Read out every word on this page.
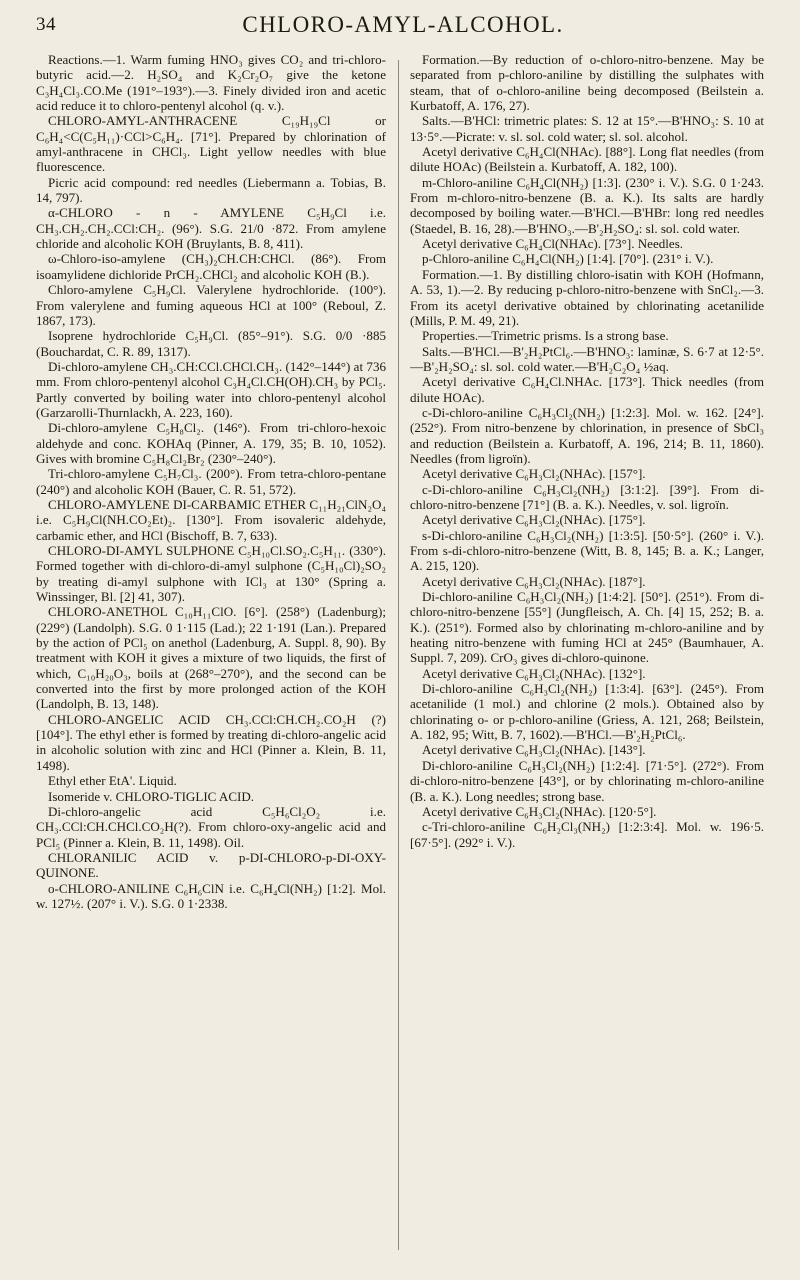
34	CHLORO-AMYL-ALCOHOL.

Reactions.—1. Warm fuming HNO₃ gives CO₂ and tri-chloro-butyric acid.—2. H₂SO₄ and K₂Cr₂O₇ give the ketone C₃H₄Cl₃.CO.Me (191°–193°).—3. Finely divided iron and acetic acid reduce it to chloro-pentenyl alcohol (q. v.).

CHLORO-AMYL-ANTHRACENE C₁₉H₁₉Cl or C₆H₄<C(C₅H₁₁)·CCl>C₆H₄. [71°]. Prepared by chlorination of amyl-anthracene in CHCl₃. Light yellow needles with blue fluorescence.

Picric acid compound: red needles (Liebermann a. Tobias, B. 14, 797).

α-CHLORO - n - AMYLENE C₅H₉Cl i.e. CH₃.CH₂.CH₂.CCl:CH₂. (96°). S.G. 21/0 ·872. From amylene chloride and alcoholic KOH (Bruylants, B. 8, 411).

ω-Chloro-iso-amylene (CH₃)₂CH.CH:CHCl. (86°). From isoamylidene dichloride PrCH₂.CHCl₂ and alcoholic KOH (B.).

Chloro-amylene C₅H₉Cl. Valerylene hydrochloride. (100°). From valerylene and fuming aqueous HCl at 100° (Reboul, Z. 1867, 173).

Isoprene hydrochloride C₅H₉Cl. (85°–91°). S.G. 0/0 ·885 (Bouchardat, C. R. 89, 1317).

Di-chloro-amylene CH₃.CH:CCl.CHCl.CH₃. (142°–144°) at 736 mm. From chloro-pentenyl alcohol C₃H₄Cl.CH(OH).CH₃ by PCl₅. Partly converted by boiling water into chloro-pentenyl alcohol (Garzarolli-Thurnlackh, A. 223, 160).

Di-chloro-amylene C₅H₈Cl₂. (146°). From tri-chloro-hexoic aldehyde and conc. KOHAq (Pinner, A. 179, 35; B. 10, 1052). Gives with bromine C₅H₈Cl₂Br₂ (230°–240°).

Tri-chloro-amylene C₅H₇Cl₃. (200°). From tetra-chloro-pentane (240°) and alcoholic KOH (Bauer, C. R. 51, 572).

CHLORO-AMYLENE DI-CARBAMIC ETHER C₁₁H₂₁ClN₂O₄ i.e. C₅H₉Cl(NH.CO₂Et)₂. [130°]. From isovaleric aldehyde, carbamic ether, and HCl (Bischoff, B. 7, 633).

CHLORO-DI-AMYL SULPHONE C₅H₁₀Cl.SO₂.C₅H₁₁. (330°). Formed together with di-chloro-di-amyl sulphone (C₅H₁₀Cl)₂SO₂ by treating di-amyl sulphone with ICl₃ at 130° (Spring a. Winssinger, Bl. [2] 41, 307).

CHLORO-ANETHOL C₁₀H₁₁ClO. [6°]. (258°) (Ladenburg); (229°) (Landolph). S.G. 0 1·115 (Lad.); 22 1·191 (Lan.). Prepared by the action of PCl₅ on anethol (Ladenburg, A. Suppl. 8, 90). By treatment with KOH it gives a mixture of two liquids, the first of which, C₁₀H₂₀O₃, boils at (268°–270°), and the second can be converted into the first by more prolonged action of the KOH (Landolph, B. 13, 148).

CHLORO-ANGELIC ACID CH₃.CCl:CH.CH₂.CO₂H (?) [104°]. The ethyl ether is formed by treating di-chloro-angelic acid in alcoholic solution with zinc and HCl (Pinner a. Klein, B. 11, 1498).

Ethyl ether EtA'. Liquid.

Isomeride v. CHLORO-TIGLIC ACID.

Di-chloro-angelic acid C₅H₆Cl₂O₂ i.e. CH₃.CCl:CH.CHCl.CO₂H(?). From chloro-oxy-angelic acid and PCl₅ (Pinner a. Klein, B. 11, 1498). Oil.

CHLORANILIC ACID v. p-DI-CHLORO-p-DI-OXY-QUINONE.

o-CHLORO-ANILINE C₆H₆ClN i.e. C₆H₄Cl(NH₂) [1:2]. Mol. w. 127½. (207° i. V.). S.G. 0 1·2338.

Formation.—By reduction of o-chloro-nitro-benzene. May be separated from p-chloro-aniline by distilling the sulphates with steam, that of o-chloro-aniline being decomposed (Beilstein a. Kurbatoff, A. 176, 27).

Salts.—B'HCl: trimetric plates: S. 12 at 15°.—B'HNO₃: S. 10 at 13·5°.—Picrate: v. sl. sol. cold water; sl. sol. alcohol.

Acetyl derivative C₆H₄Cl(NHAc). [88°]. Long flat needles (from dilute HOAc) (Beilstein a. Kurbatoff, A. 182, 100).

m-Chloro-aniline C₆H₄Cl(NH₂) [1:3]. (230° i. V.). S.G. 0 1·243. From m-chloro-nitro-benzene (B. a. K.). Its salts are hardly decomposed by boiling water.—B'HCl.—B'HBr: long red needles (Staedel, B. 16, 28).—B'HNO₃.—B'₂H₂SO₄: sl. sol. cold water.

Acetyl derivative C₆H₄Cl(NHAc). [73°]. Needles.

p-Chloro-aniline C₆H₄Cl(NH₂) [1:4]. [70°]. (231° i. V.).

Formation.—1. By distilling chloro-isatin with KOH (Hofmann, A. 53, 1).—2. By reducing p-chloro-nitro-benzene with SnCl₂.—3. From its acetyl derivative obtained by chlorinating acetanilide (Mills, P. M. 49, 21).

Properties.—Trimetric prisms. Is a strong base.

Salts.—B'HCl.—B'₂H₂PtCl₆.—B'HNO₃: laminæ, S. 6·7 at 12·5°.—B'₂H₂SO₄: sl. sol. cold water.—B'H₂C₂O₄ ½aq.

Acetyl derivative C₆H₄Cl.NHAc. [173°]. Thick needles (from dilute HOAc).

c-Di-chloro-aniline C₆H₃Cl₂(NH₂) [1:2:3]. Mol. w. 162. [24°]. (252°). From nitro-benzene by chlorination, in presence of SbCl₃ and reduction (Beilstein a. Kurbatoff, A. 196, 214; B. 11, 1860). Needles (from ligroïn).

Acetyl derivative C₆H₃Cl₂(NHAc). [157°].

c-Di-chloro-aniline C₆H₃Cl₂(NH₂) [3:1:2]. [39°]. From di-chloro-nitro-benzene [71°] (B. a. K.). Needles, v. sol. ligroïn.

Acetyl derivative C₆H₃Cl₂(NHAc). [175°].

s-Di-chloro-aniline C₆H₃Cl₂(NH₂) [1:3:5]. [50·5°]. (260° i. V.). From s-di-chloro-nitro-benzene (Witt, B. 8, 145; B. a. K.; Langer, A. 215, 120).

Acetyl derivative C₆H₃Cl₂(NHAc). [187°].

Di-chloro-aniline C₆H₃Cl₂(NH₂) [1:4:2]. [50°]. (251°). From di-chloro-nitro-benzene [55°] (Jungfleisch, A. Ch. [4] 15, 252; B. a. K.). (251°). Formed also by chlorinating m-chloro-aniline and by heating nitro-benzene with fuming HCl at 245° (Baumhauer, A. Suppl. 7, 209). CrO₃ gives di-chloro-quinone.

Acetyl derivative C₆H₃Cl₂(NHAc). [132°].

Di-chloro-aniline C₆H₃Cl₂(NH₂) [1:3:4]. [63°]. (245°). From acetanilide (1 mol.) and chlorine (2 mols.). Obtained also by chlorinating o- or p-chloro-aniline (Griess, A. 121, 268; Beilstein, A. 182, 95; Witt, B. 7, 1602).—B'HCl.—B'₂H₂PtCl₆.

Acetyl derivative C₆H₃Cl₂(NHAc). [143°].

Di-chloro-aniline C₆H₃Cl₂(NH₂) [1:2:4]. [71·5°]. (272°). From di-chloro-nitro-benzene [43°], or by chlorinating m-chloro-aniline (B. a. K.). Long needles; strong base.

Acetyl derivative C₆H₃Cl₂(NHAc). [120·5°].

c-Tri-chloro-aniline C₆H₂Cl₃(NH₂) [1:2:3:4]. Mol. w. 196·5. [67·5°]. (292° i. V.).
